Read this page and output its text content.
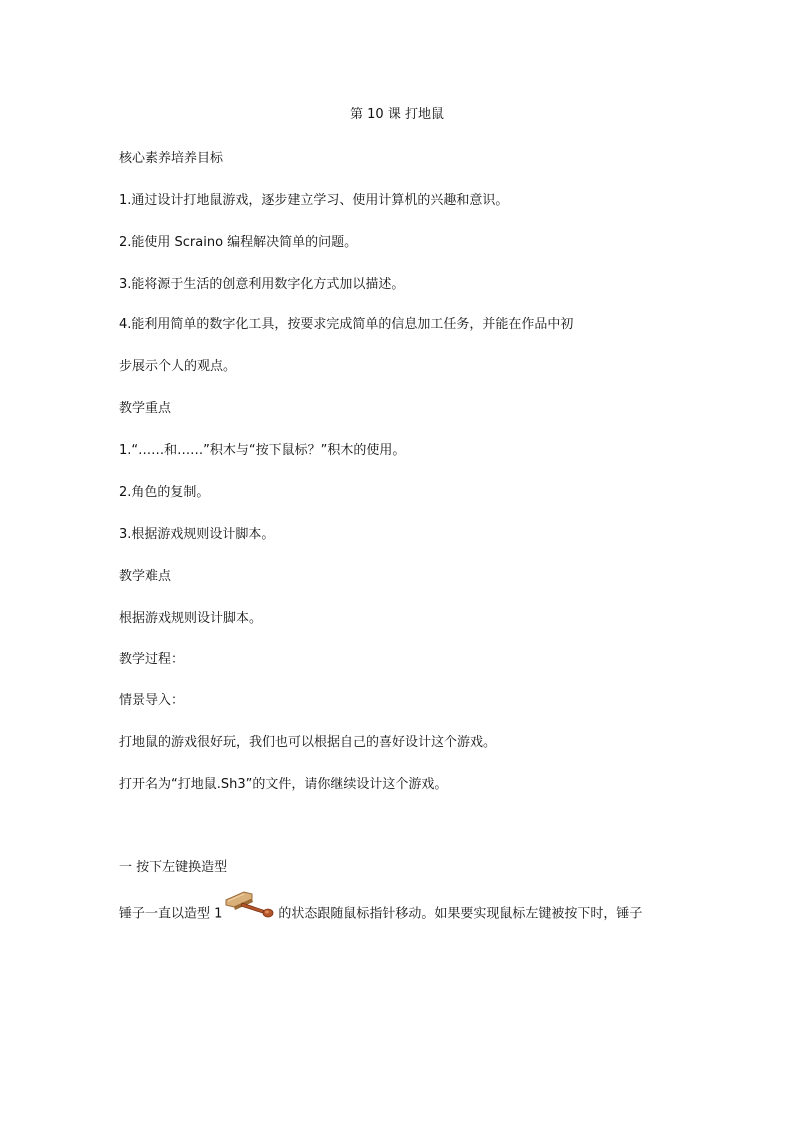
第 10 课 打地鼠
核心素养培养目标
1.通过设计打地鼠游戏，逐步建立学习、使用计算机的兴趣和意识。
2.能使用 Scraino 编程解决简单的问题。
3.能将源于生活的创意利用数字化方式加以描述。
4.能利用简单的数字化工具，按要求完成简单的信息加工任务，并能在作品中初
步展示个人的观点。
教学重点
1.“……和……”积木与“按下鼠标？”积木的使用。
2.角色的复制。
3.根据游戏规则设计脚本。
教学难点
根据游戏规则设计脚本。
教学过程：
情景导入：
打地鼠的游戏很好玩，我们也可以根据自己的喜好设计这个游戏。
打开名为“打地鼠.Sh3”的文件，请你继续设计这个游戏。
一 按下左键换造型
锤子一直以造型 1	的状态跟随鼠标指针移动。如果要实现鼠标左键被按下时，锤子
